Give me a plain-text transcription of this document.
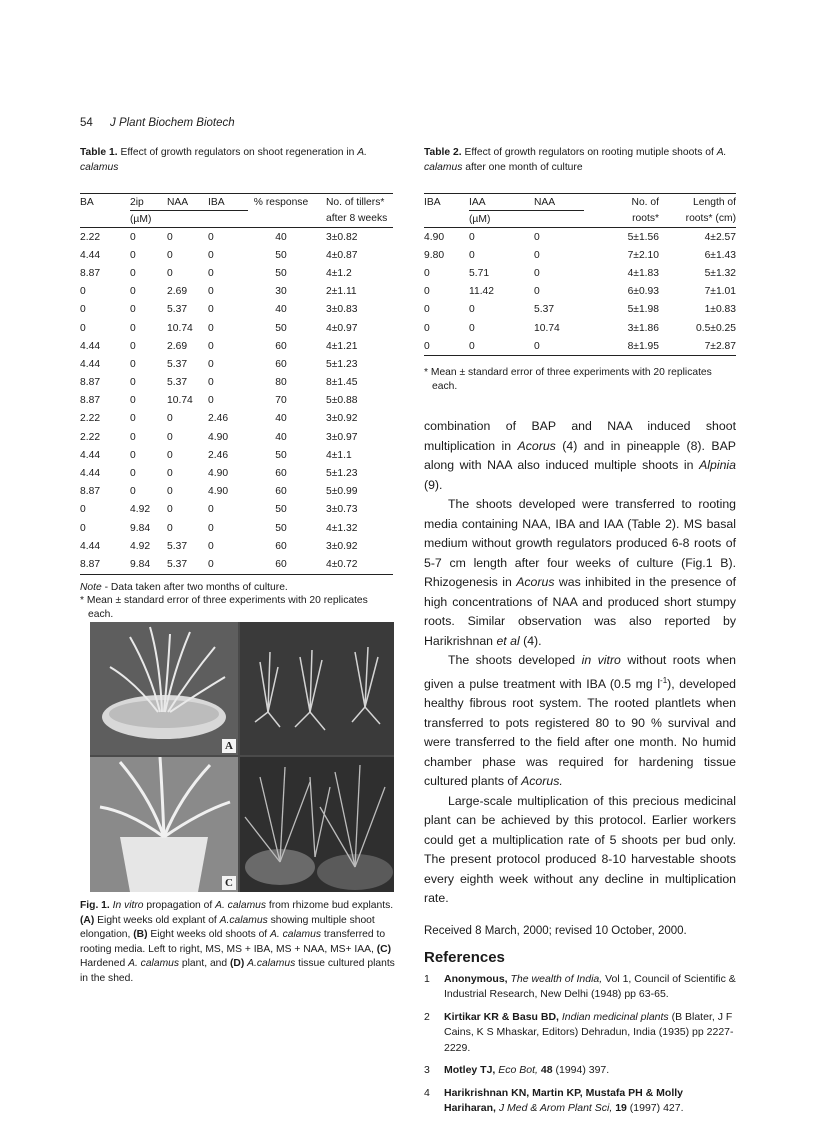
54 J Plant Biochem Biotech

Table 1. Effect of growth regulators on shoot regeneration in A. calamus

BA	2ip	NAA	IBA	% response	No. of tillers*
	(µM)				after 8 weeks
2.22	0	0	0	40	3±0.82
4.44	0	0	0	50	4±0.87
8.87	0	0	0	50	4±1.2
0	0	2.69	0	30	2±1.11
0	0	5.37	0	40	3±0.83
0	0	10.74	0	50	4±0.97
4.44	0	2.69	0	60	4±1.21
4.44	0	5.37	0	60	5±1.23
8.87	0	5.37	0	80	8±1.45
8.87	0	10.74	0	70	5±0.88
2.22	0	0	2.46	40	3±0.92
2.22	0	0	4.90	40	3±0.97
4.44	0	0	2.46	50	4±1.1
4.44	0	0	4.90	60	5±1.23
8.87	0	0	4.90	60	5±0.99
0	4.92	0	0	50	3±0.73
0	9.84	0	0	50	4±1.32
4.44	4.92	5.37	0	60	3±0.92
8.87	9.84	5.37	0	60	4±0.72
Note - Data taken after two months of culture.
* Mean ± standard error of three experiments with 20 replicates each.
A
C

Fig. 1. In vitro propagation of A. calamus from rhizome bud explants. (A) Eight weeks old explant of A.calamus showing multiple shoot elongation, (B) Eight weeks old shoots of A. calamus transferred to rooting media. Left to right, MS, MS + IBA, MS + NAA, MS+ IAA, (C) Hardened A. calamus plant, and (D) A.calamus tissue cultured plants in the shed.

Table 2. Effect of growth regulators on rooting mutiple shoots of A. calamus after one month of culture

IBA	IAA	NAA	No. of	Length of
	(µM)		roots*	roots* (cm)
4.90	0	0	5±1.56	4±2.57
9.80	0	0	7±2.10	6±1.43
0	5.71	0	4±1.83	5±1.32
0	11.42	0	6±0.93	7±1.01
0	0	5.37	5±1.98	1±0.83
0	0	10.74	3±1.86	0.5±0.25
0	0	0	8±1.95	7±2.87
* Mean ± standard error of three experiments with 20 replicates each.

combination of BAP and NAA induced shoot multiplication in Acorus (4) and in pineapple (8). BAP along with NAA also induced multiple shoots in Alpinia (9).

The shoots developed were transferred to rooting media containing NAA, IBA and IAA (Table 2). MS basal medium without growth regulators produced 6-8 roots of 5-7 cm length after four weeks of culture (Fig.1 B). Rhizogenesis in Acorus was inhibited in the presence of high concentrations of NAA and produced short stumpy roots. Similar observation was also reported by Harikrishnan et al (4).

The shoots developed in vitro without roots when given a pulse treatment with IBA (0.5 mg $l^{-1}$), developed healthy fibrous root system. The rooted plantlets when transferred to pots registered 80 to 90 % survival and were transferred to the field after one month. No humid chamber phase was required for hardening tissue cultured plants of Acorus.

Large-scale multiplication of this precious medicinal plant can be achieved by this protocol. Earlier workers could get a multiplication rate of 5 shoots per bud only. The present protocol produced 8-10 harvestable shoots every eighth week without any decline in multiplication rate.

Received 8 March, 2000; revised 10 October, 2000.
References
1	Anonymous, The wealth of India, Vol 1, Council of Scientific & Industrial Research, New Delhi (1948) pp 63-65.
2	Kirtikar KR & Basu BD, Indian medicinal plants (B Blater, J F Cains, K S Mhaskar, Editors) Dehradun, India (1935) pp 2227-2229.
3	Motley TJ, Eco Bot, 48 (1994) 397.
4	Harikrishnan KN, Martin KP, Mustafa PH & Molly Hariharan, J Med & Arom Plant Sci, 19 (1997) 427.
